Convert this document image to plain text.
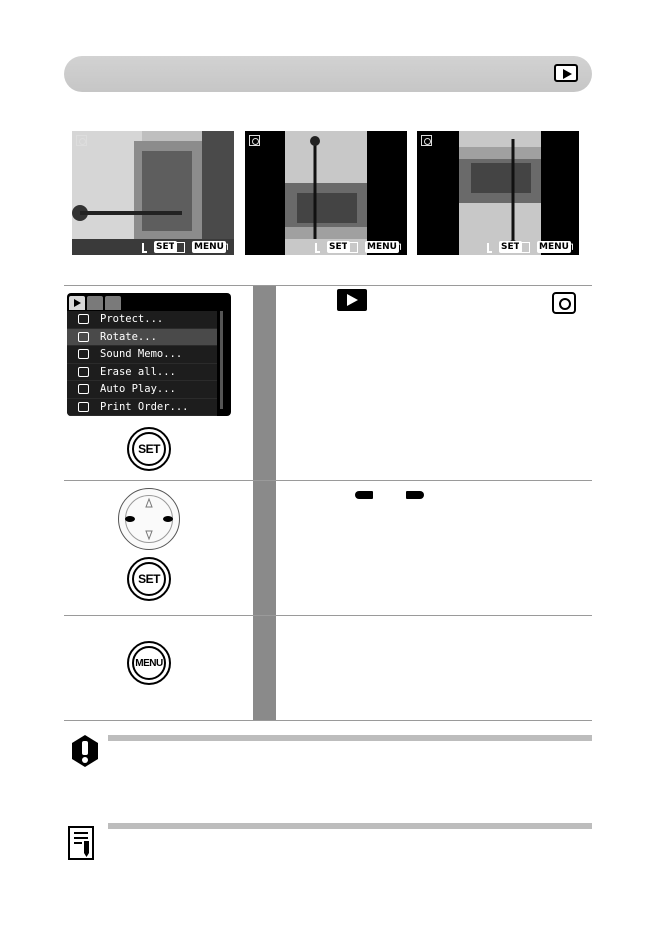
SET MENU
↰	SET MENU
↰	SET MENU
↰
Protect...
Rotate...
Sound Memo...
Erase all...
Auto Play...
Print Order...
SET
SET
MENU
